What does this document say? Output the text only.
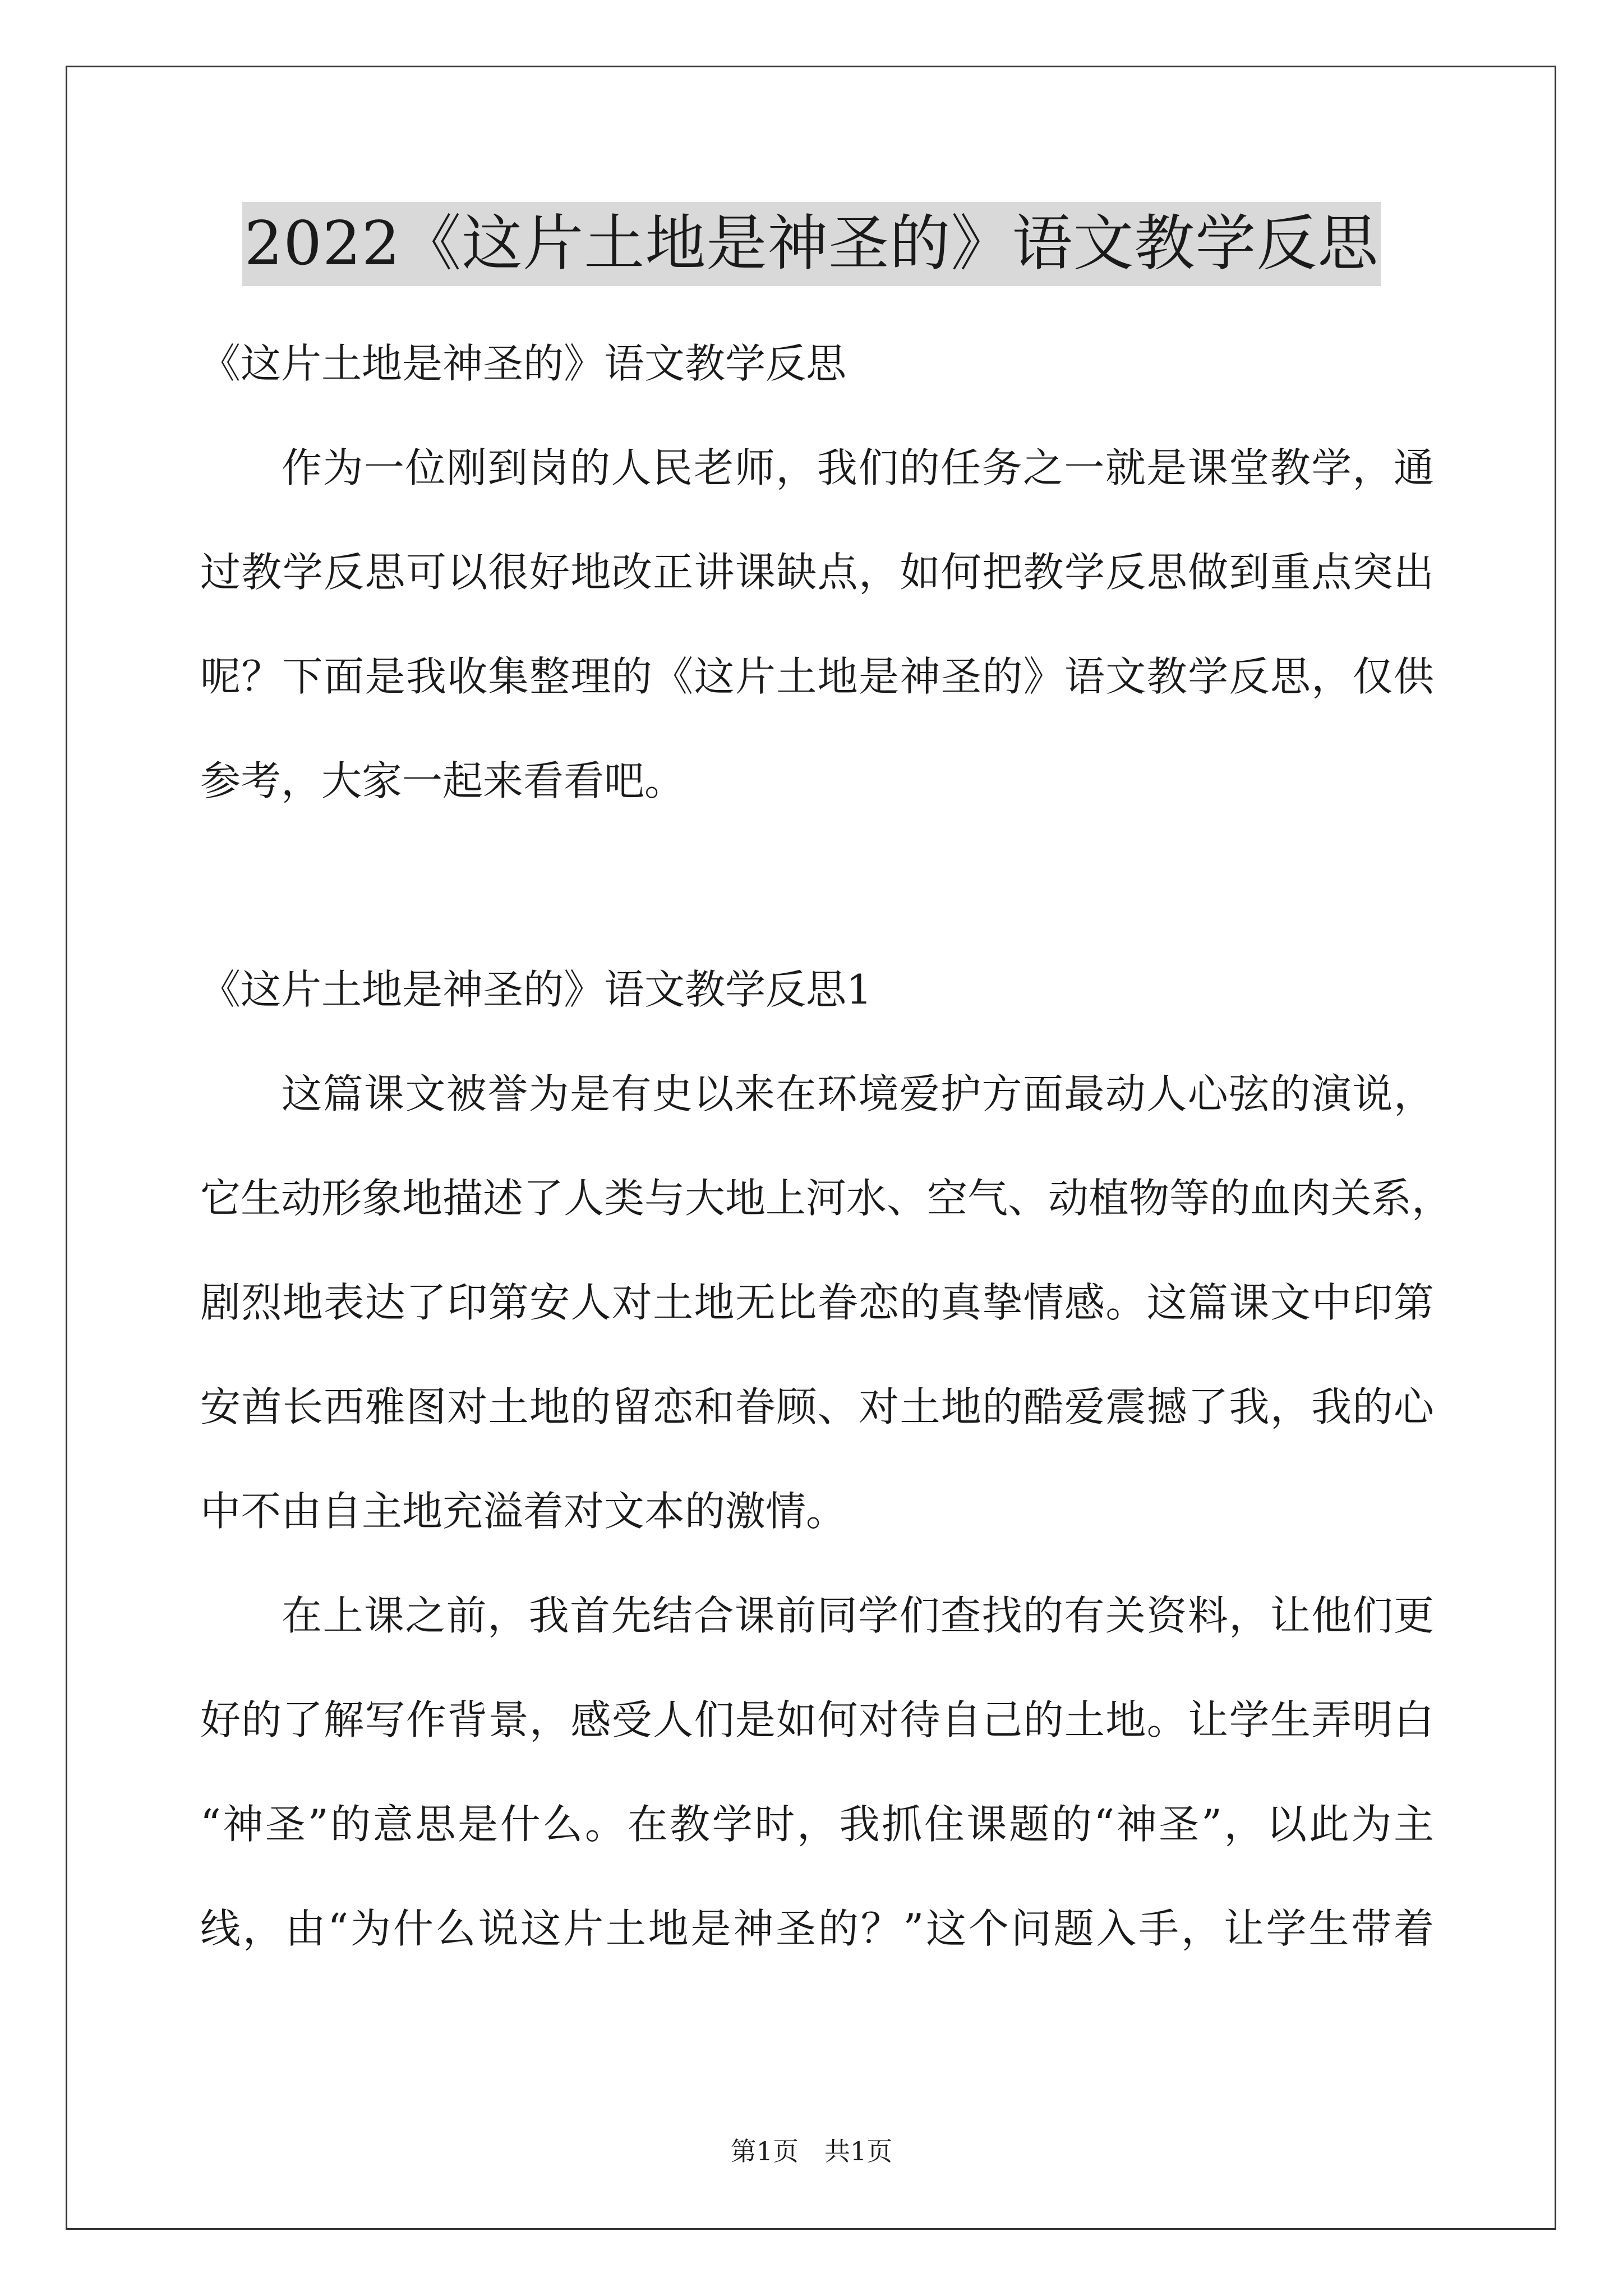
2022《这片土地是神圣的》语文教学反思
《这片土地是神圣的》语文教学反思
作为一位刚到岗的人民老师，我们的任务之一就是课堂教学，通
过教学反思可以很好地改正讲课缺点，如何把教学反思做到重点突出
呢？下面是我收集整理的《这片土地是神圣的》语文教学反思，仅供
参考，大家一起来看看吧。
《这片土地是神圣的》语文教学反思1
这篇课文被誉为是有史以来在环境爱护方面最动人心弦的演说，
它生动形象地描述了人类与大地上河水、空气、动植物等的血肉关系，
剧烈地表达了印第安人对土地无比眷恋的真挚情感。这篇课文中印第
安酋长西雅图对土地的留恋和眷顾、对土地的酷爱震撼了我，我的心
中不由自主地充溢着对文本的激情。
在上课之前，我首先结合课前同学们查找的有关资料，让他们更
好的了解写作背景，感受人们是如何对待自己的土地。让学生弄明白
“神圣”的意思是什么。在教学时，我抓住课题的“神圣”，以此为主
线，由“为什么说这片土地是神圣的？”这个问题入手，让学生带着
第1页　共1页
